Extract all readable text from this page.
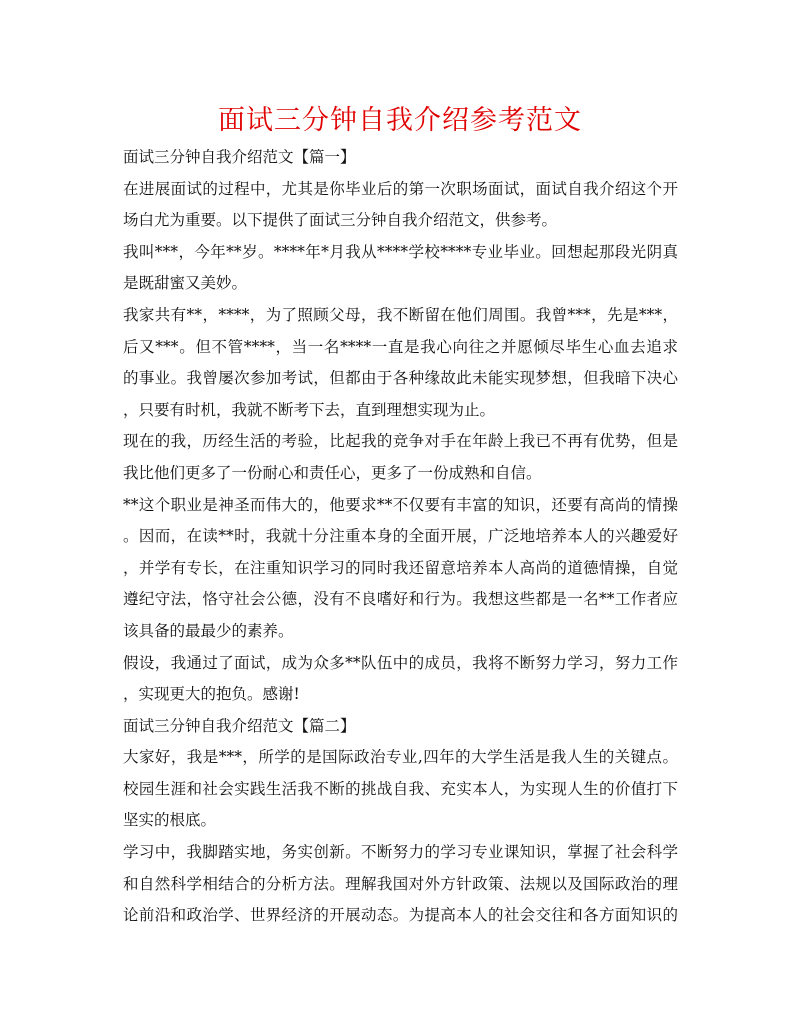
面试三分钟自我介绍参考范文
面试三分钟自我介绍范文【篇一】
在进展面试的过程中，尤其是你毕业后的第一次职场面试，面试自我介绍这个开
场白尤为重要。以下提供了面试三分钟自我介绍范文，供参考。
我叫***，今年**岁。****年*月我从****学校****专业毕业。回想起那段光阴真
是既甜蜜又美妙。
我家共有**，****，为了照顾父母，我不断留在他们周围。我曾***，先是***，
后又***。但不管****，当一名****一直是我心向往之并愿倾尽毕生心血去追求
的事业。我曾屡次参加考试，但都由于各种缘故此未能实现梦想，但我暗下决心
，只要有时机，我就不断考下去，直到理想实现为止。
现在的我，历经生活的考验，比起我的竞争对手在年龄上我已不再有优势，但是
我比他们更多了一份耐心和责任心，更多了一份成熟和自信。
**这个职业是神圣而伟大的，他要求**不仅要有丰富的知识，还要有高尚的情操
。因而，在读**时，我就十分注重本身的全面开展，广泛地培养本人的兴趣爱好
，并学有专长，在注重知识学习的同时我还留意培养本人高尚的道德情操，自觉
遵纪守法，恪守社会公德，没有不良嗜好和行为。我想这些都是一名**工作者应
该具备的最最少的素养。
假设，我通过了面试，成为众多**队伍中的成员，我将不断努力学习，努力工作
，实现更大的抱负。感谢!
面试三分钟自我介绍范文【篇二】
大家好，我是***，所学的是国际政治专业,四年的大学生活是我人生的关键点。
校园生涯和社会实践生活我不断的挑战自我、充实本人，为实现人生的价值打下
坚实的根底。
学习中，我脚踏实地，务实创新。不断努力的学习专业课知识，掌握了社会科学
和自然科学相结合的分析方法。理解我国对外方针政策、法规以及国际政治的理
论前沿和政治学、世界经济的开展动态。为提高本人的社会交往和各方面知识的
